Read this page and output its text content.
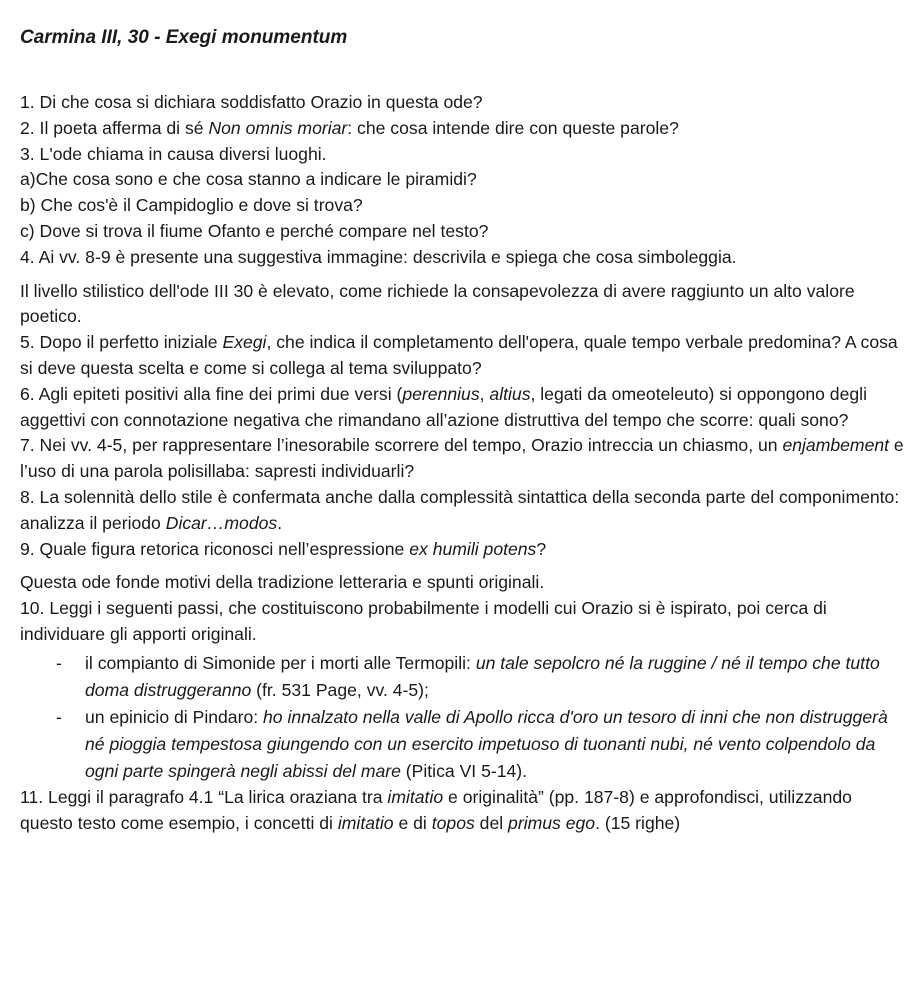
Carmina III, 30 - Exegi monumentum

1. Di che cosa si dichiara soddisfatto Orazio in questa ode?

2. Il poeta afferma di sé Non omnis moriar: che cosa intende dire con queste parole?

3. L'ode chiama in causa diversi luoghi.

a)Che cosa sono e che cosa stanno a indicare le piramidi?

b) Che cos'è il Campidoglio e dove si trova?

c) Dove si trova il fiume Ofanto e perché compare nel testo?

4. Ai vv. 8-9 è presente una suggestiva immagine: descrivila e spiega che cosa simboleggia.

Il livello stilistico dell'ode III 30 è elevato, come richiede la consapevolezza di avere raggiunto un alto valore poetico.

5. Dopo il perfetto iniziale Exegi, che indica il completamento dell'opera, quale tempo verbale predomina? A cosa si deve questa scelta e come si collega al tema sviluppato?

6. Agli epiteti positivi alla fine dei primi due versi (perennius, altius, legati da omeoteleuto) si oppongono degli aggettivi con connotazione negativa che rimandano all’azione distruttiva del tempo che scorre: quali sono?

7. Nei vv. 4-5, per rappresentare l’inesorabile scorrere del tempo, Orazio intreccia un chiasmo, un enjambement e l’uso di una parola polisillaba: sapresti individuarli?

8. La solennità dello stile è confermata anche dalla complessità sintattica della seconda parte del componimento: analizza il periodo Dicar…modos.

9. Quale figura retorica riconosci nell’espressione ex humili potens?

Questa ode fonde motivi della tradizione letteraria e spunti originali.

10. Leggi i seguenti passi, che costituiscono probabilmente i modelli cui Orazio si è ispirato, poi cerca di individuare gli apporti originali.

- il compianto di Simonide per i morti alle Termopili: un tale sepolcro né la ruggine / né il tempo che tutto doma distruggeranno (fr. 531 Page, vv. 4-5);
- un epinicio di Pindaro: ho innalzato nella valle di Apollo ricca d'oro un tesoro di inni che non distruggerà né pioggia tempestosa giungendo con un esercito impetuoso di tuonanti nubi, né vento colpendolo da ogni parte spingerà negli abissi del mare (Pitica VI 5-14).

11. Leggi il paragrafo 4.1 “La lirica oraziana tra imitatio e originalità” (pp. 187-8) e approfondisci, utilizzando questo testo come esempio, i concetti di imitatio e di topos del primus ego. (15 righe)
